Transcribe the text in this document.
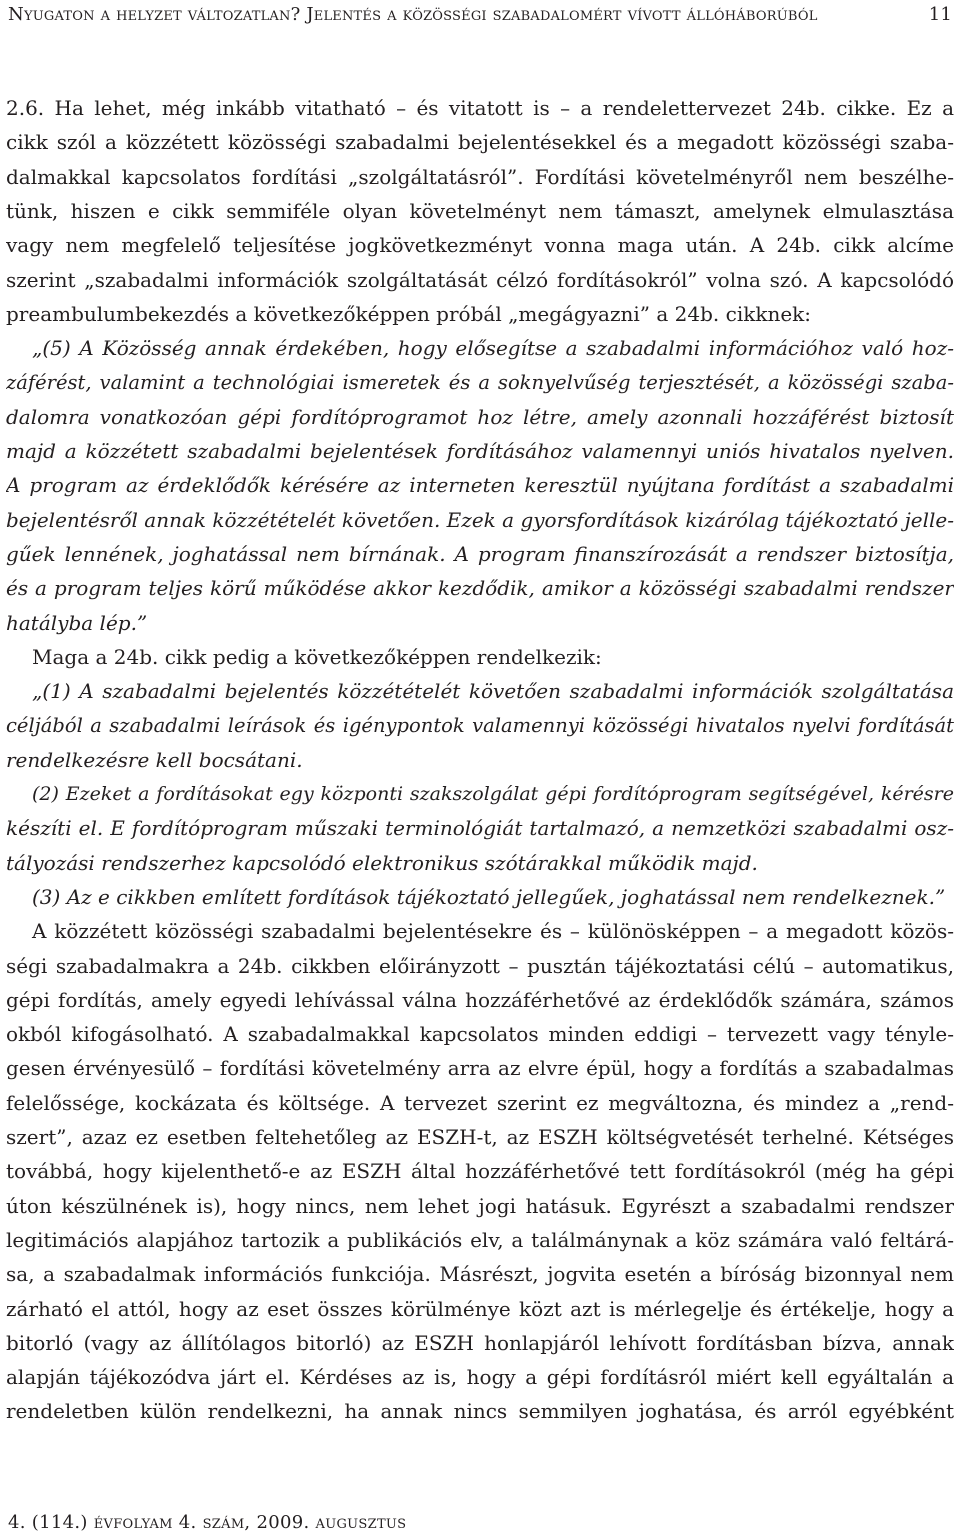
Nyugaton a helyzet változatlan? Jelentés a közösségi szabadalomért vívott állóháborúból	11
2.6. Ha lehet, még inkább vitatható – és vitatott is – a rendelettervezet 24b. cikke. Ez a
cikk szól a közzétett közösségi szabadalmi bejelentésekkel és a megadott közösségi szaba-
dalmakkal kapcsolatos fordítási „szolgáltatásról”. Fordítási követelményről nem beszélhe-
tünk, hiszen e cikk semmiféle olyan követelményt nem támaszt, amelynek elmulasztása
vagy nem megfelelő teljesítése jogkövetkezményt vonna maga után. A 24b. cikk alcíme
szerint „szabadalmi információk szolgáltatását célzó fordításokról” volna szó. A kapcsolódó
preambulumbekezdés a következőképpen próbál „megágyazni” a 24b. cikknek:
„(5) A Közösség annak érdekében, hogy elősegítse a szabadalmi információhoz való hoz-
záférést, valamint a technológiai ismeretek és a soknyelvűség terjesztését, a közösségi szaba-
dalomra vonatkozóan gépi fordítóprogramot hoz létre, amely azonnali hozzáférést biztosít
majd a közzétett szabadalmi bejelentések fordításához valamennyi uniós hivatalos nyelven.
A program az érdeklődők kérésére az interneten keresztül nyújtana fordítást a szabadalmi
bejelentésről annak közzétételét követően. Ezek a gyorsfordítások kizárólag tájékoztató jelle-
gűek lennének, joghatással nem bírnának. A program finanszírozását a rendszer biztosítja,
és a program teljes körű működése akkor kezdődik, amikor a közösségi szabadalmi rendszer
hatályba lép.”
Maga a 24b. cikk pedig a következőképpen rendelkezik:
„(1) A szabadalmi bejelentés közzétételét követően szabadalmi információk szolgáltatása
céljából a szabadalmi leírások és igénypontok valamennyi közösségi hivatalos nyelvi fordítását
rendelkezésre kell bocsátani.
(2) Ezeket a fordításokat egy központi szakszolgálat gépi fordítóprogram segítségével, kérésre
készíti el. E fordítóprogram műszaki terminológiát tartalmazó, a nemzetközi szabadalmi osz-
tályozási rendszerhez kapcsolódó elektronikus szótárakkal működik majd.
(3) Az e cikkben említett fordítások tájékoztató jellegűek, joghatással nem rendelkeznek.”
A közzétett közösségi szabadalmi bejelentésekre és – különösképpen – a megadott közös-
ségi szabadalmakra a 24b. cikkben előirányzott – pusztán tájékoztatási célú – automatikus,
gépi fordítás, amely egyedi lehívással válna hozzáférhetővé az érdeklődők számára, számos
okból kifogásolható. A szabadalmakkal kapcsolatos minden eddigi – tervezett vagy tényle-
gesen érvényesülő – fordítási követelmény arra az elvre épül, hogy a fordítás a szabadalmas
felelőssége, kockázata és költsége. A tervezet szerint ez megváltozna, és mindez a „rend-
szert”, azaz ez esetben feltehetőleg az ESZH-t, az ESZH költségvetését terhelné. Kétséges
továbbá, hogy kijelenthető-e az ESZH által hozzáférhetővé tett fordításokról (még ha gépi
úton készülnének is), hogy nincs, nem lehet jogi hatásuk. Egyrészt a szabadalmi rendszer
legitimációs alapjához tartozik a publikációs elv, a találmánynak a köz számára való feltárá-
sa, a szabadalmak információs funkciója. Másrészt, jogvita esetén a bíróság bizonnyal nem
zárható el attól, hogy az eset összes körülménye közt azt is mérlegelje és értékelje, hogy a
bitorló (vagy az állítólagos bitorló) az ESZH honlapjáról lehívott fordításban bízva, annak
alapján tájékozódva járt el. Kérdéses az is, hogy a gépi fordításról miért kell egyáltalán a
rendeletben külön rendelkezni, ha annak nincs semmilyen joghatása, és arról egyébként
4. (114.) évfolyam 4. szám, 2009. augusztus
